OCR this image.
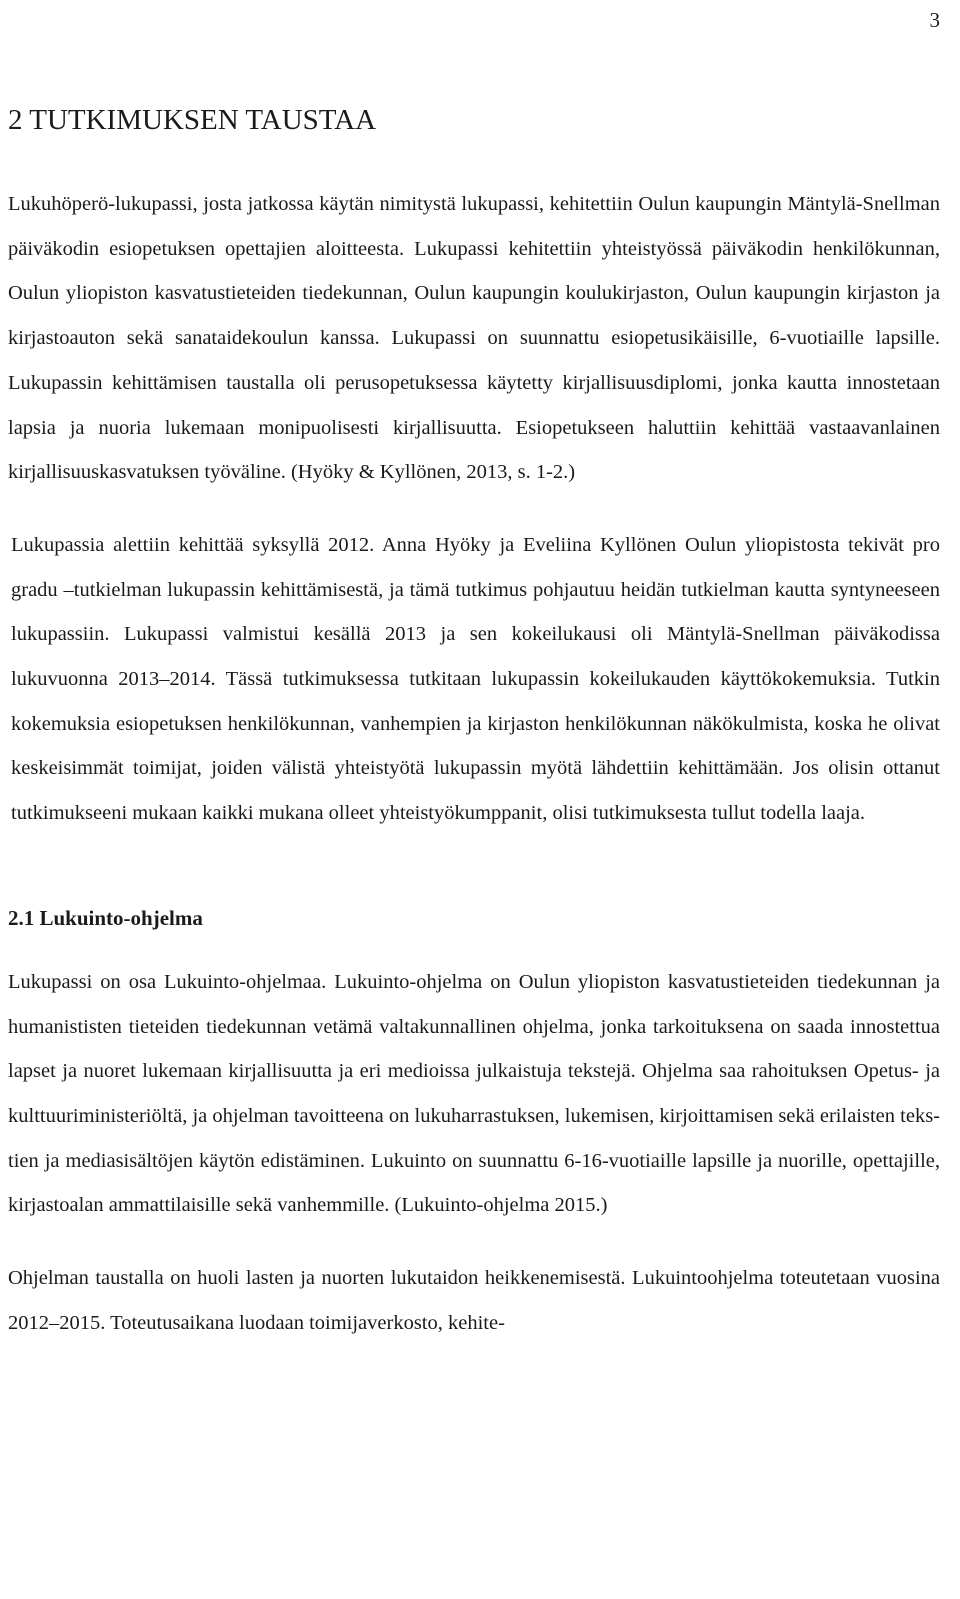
3
2 TUTKIMUKSEN TAUSTAA

Lukuhöperö-lukupassi, josta jatkossa käytän nimitystä lukupassi, kehitettiin Oulun kaupungin Mäntylä-Snellman päiväkodin esiopetuksen opettajien aloitteesta. Lukupassi kehitettiin yhteistyössä päiväkodin henkilökunnan, Oulun yliopiston kasvatustieteiden tiedekunnan, Oulun kaupungin koulukirjaston, Oulun kaupungin kirjaston ja kirjastoauton sekä sanataidekoulun kanssa. Lukupassi on suunnattu esiopetusikäisille, 6-vuotiaille lapsille. Lukupassin kehittämisen taustalla oli perusopetuksessa käytetty kirjallisuusdiplomi, jonka kautta innostetaan lapsia ja nuoria lukemaan monipuolisesti kirjallisuutta. Esiopetukseen haluttiin kehittää vastaavanlainen kirjallisuuskasvatuksen työväline. (Hyöky & Kyllönen, 2013, s. 1-2.)

Lukupassia alettiin kehittää syksyllä 2012. Anna Hyöky ja Eveliina Kyllönen Oulun yliopistosta tekivät pro gradu –tutkielman lukupassin kehittämisestä, ja tämä tutkimus pohjautuu heidän tutkielman kautta syntyneeseen lukupassiin. Lukupassi valmistui kesällä 2013 ja sen kokeilukausi oli Mäntylä-Snellman päiväkodissa lukuvuonna 2013–2014. Tässä tutkimuksessa tutkitaan lukupassin kokeilukauden käyttökokemuksia. Tutkin kokemuksia esiopetuksen henkilökunnan, vanhempien ja kirjaston henkilökunnan näkökulmista, koska he olivat keskeisimmät toimijat, joiden välistä yhteistyötä lukupassin myötä lähdettiin kehittämään. Jos olisin ottanut tutkimukseeni mukaan kaikki mukana olleet yhteistyökumppanit, olisi tutkimuksesta tullut todella laaja.

2.1 Lukuinto-ohjelma

Lukupassi on osa Lukuinto-ohjelmaa. Lukuinto-ohjelma on Oulun yliopiston kasvatustieteiden tiedekunnan ja humanististen tieteiden tiedekunnan vetämä valtakunnallinen ohjelma, jonka tarkoituksena on saada innostettua lapset ja nuoret lukemaan kirjallisuutta ja eri medioissa julkaistuja tekstejä. Ohjelma saa rahoituksen Opetus- ja kulttuuriministeriöltä, ja ohjelman tavoitteena on lukuharrastuksen, lukemisen, kirjoittamisen sekä erilaisten tekstien ja mediasisältöjen käytön edistäminen. Lukuinto on suunnattu 6-16-vuotiaille lapsille ja nuorille, opettajille, kirjastoalan ammattilaisille sekä vanhemmille. (Lukuinto-ohjelma 2015.)

Ohjelman taustalla on huoli lasten ja nuorten lukutaidon heikkenemisestä. Lukuintoohjelma toteutetaan vuosina 2012–2015. Toteutusaikana luodaan toimijaverkosto, kehite-
